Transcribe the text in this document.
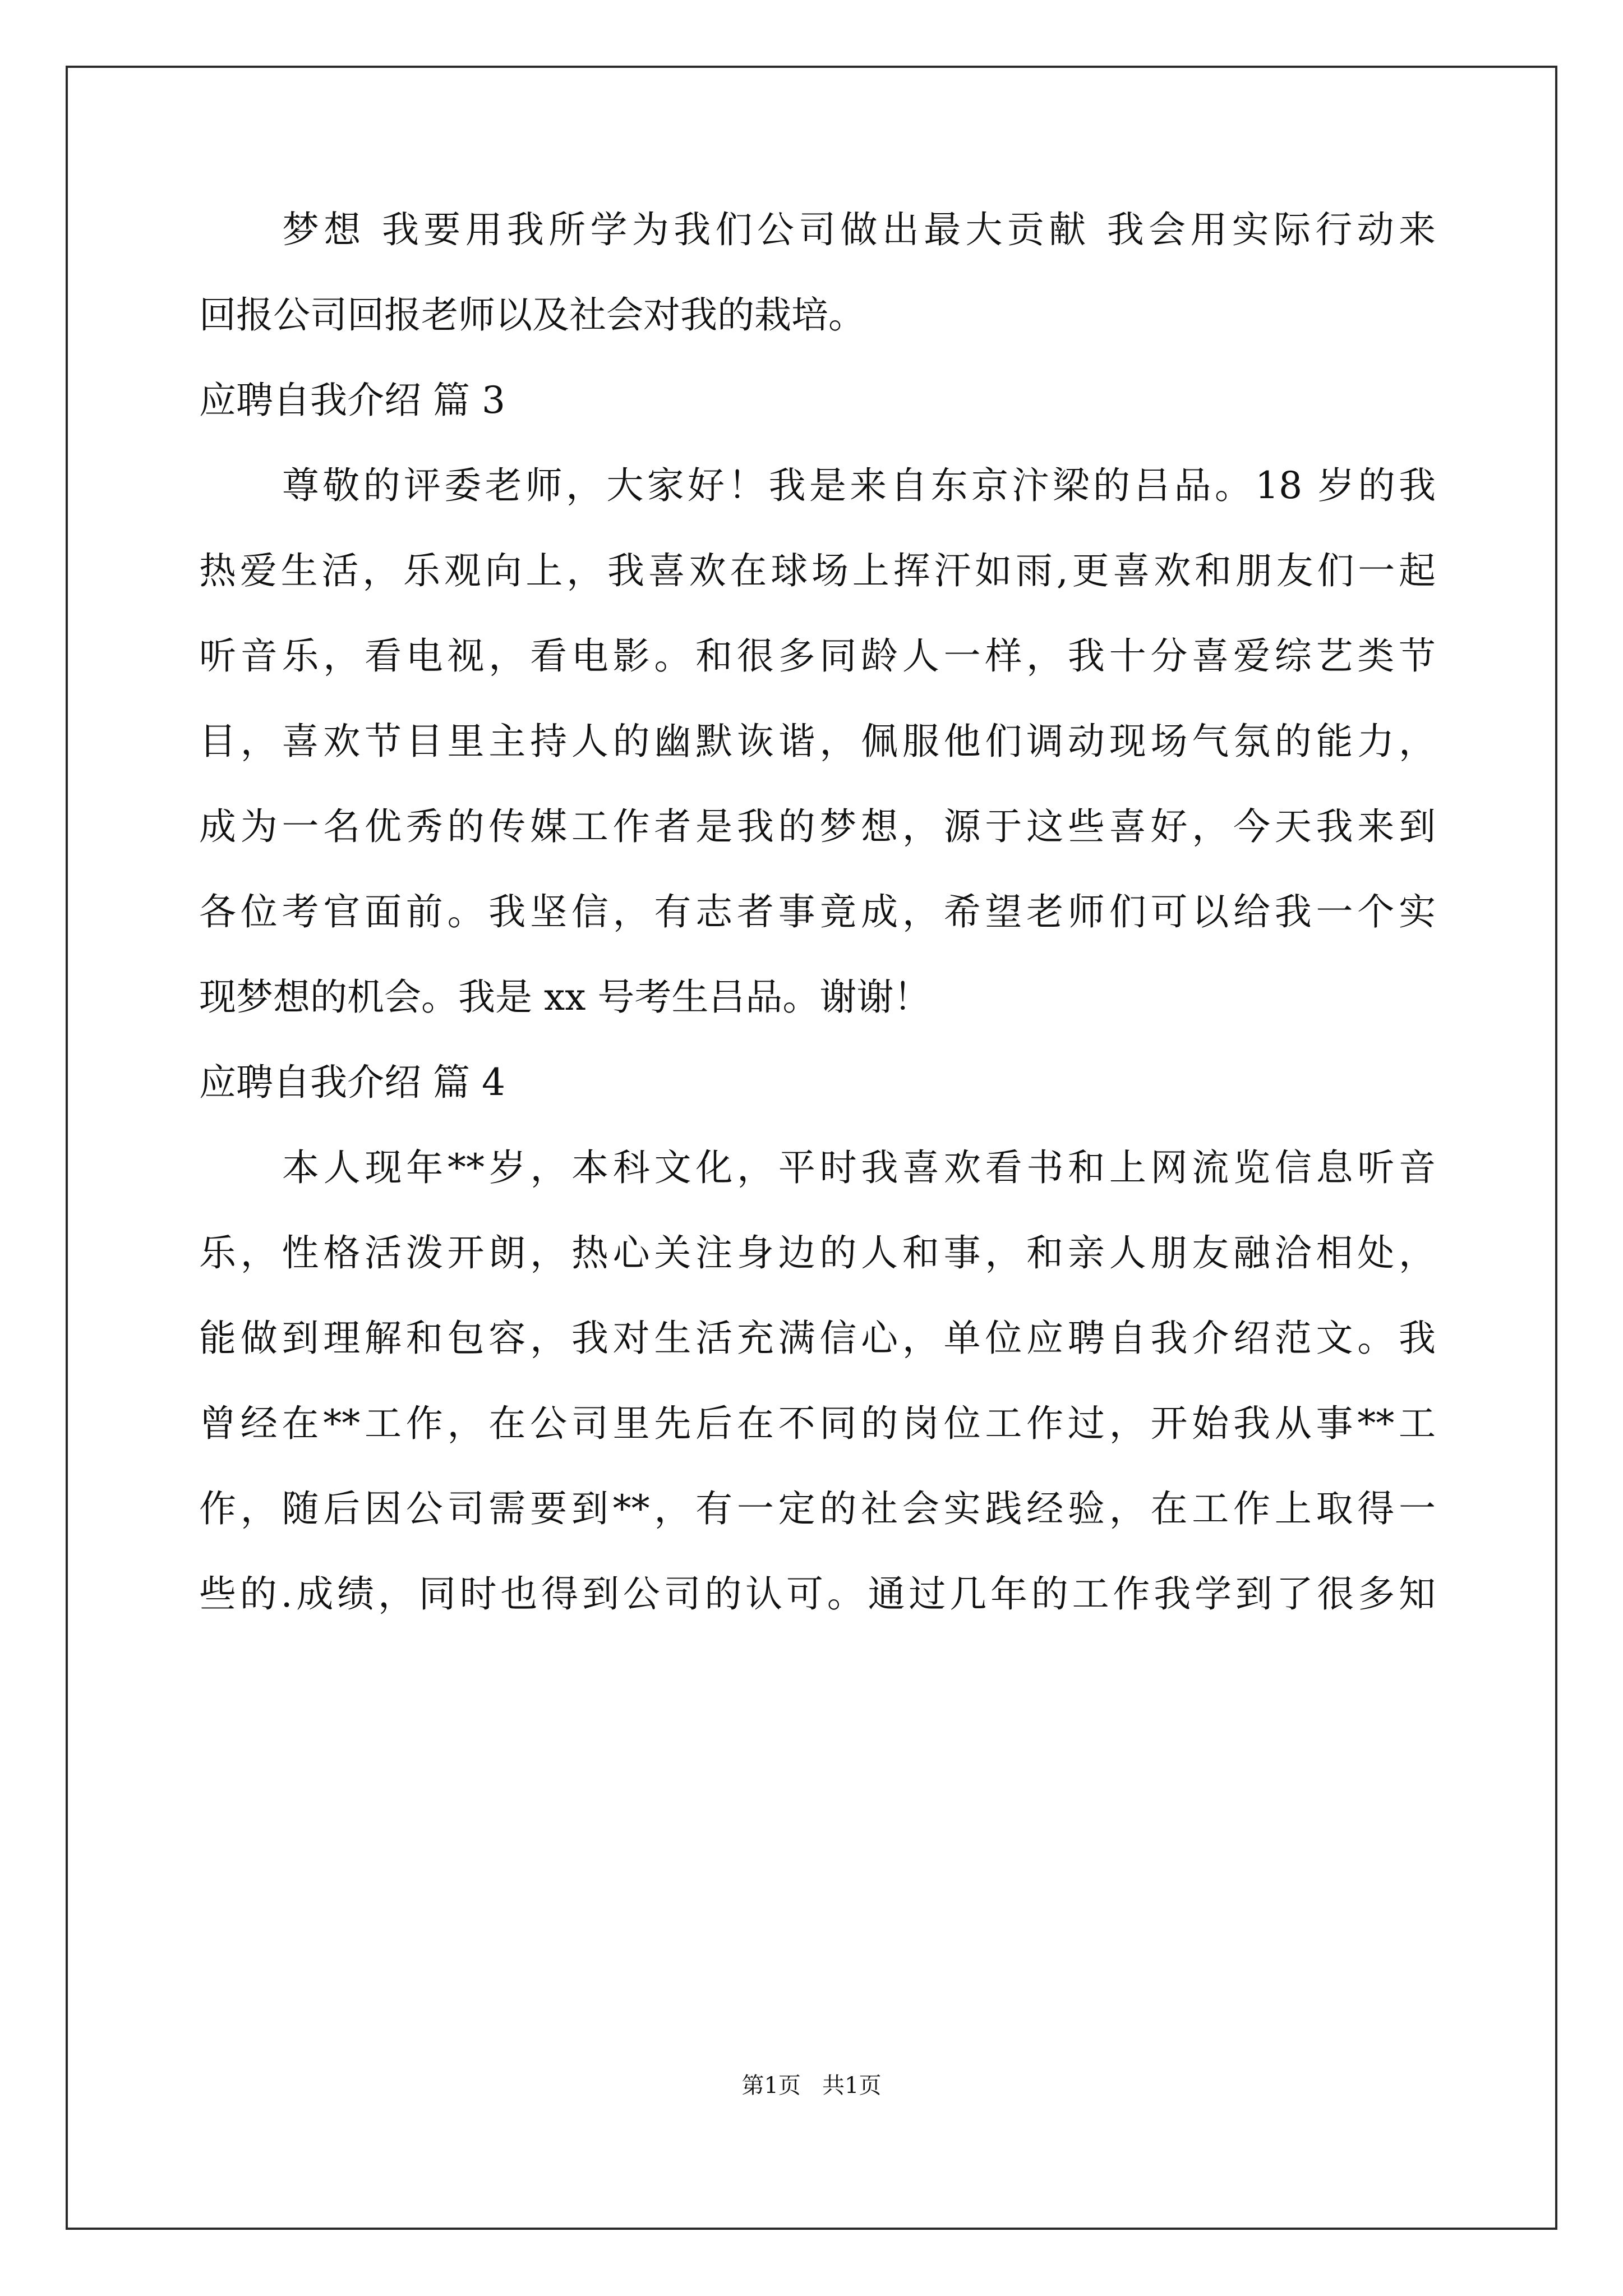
梦想 我要用我所学为我们公司做出最大贡献 我会用实际行动来
回报公司回报老师以及社会对我的栽培。
应聘自我介绍 篇 3
尊敬的评委老师，大家好！我是来自东京汴梁的吕品。18 岁的我
热爱生活，乐观向上，我喜欢在球场上挥汗如雨,更喜欢和朋友们一起
听音乐，看电视，看电影。和很多同龄人一样，我十分喜爱综艺类节
目，喜欢节目里主持人的幽默诙谐，佩服他们调动现场气氛的能力，
成为一名优秀的传媒工作者是我的梦想，源于这些喜好，今天我来到
各位考官面前。我坚信，有志者事竟成，希望老师们可以给我一个实
现梦想的机会。我是 xx 号考生吕品。谢谢！
应聘自我介绍 篇 4
本人现年**岁，本科文化，平时我喜欢看书和上网流览信息听音
乐，性格活泼开朗，热心关注身边的人和事，和亲人朋友融洽相处，
能做到理解和包容，我对生活充满信心，单位应聘自我介绍范文。我
曾经在**工作，在公司里先后在不同的岗位工作过，开始我从事**工
作，随后因公司需要到**，有一定的社会实践经验，在工作上取得一
些的.成绩，同时也得到公司的认可。通过几年的工作我学到了很多知
第1页   共1页
